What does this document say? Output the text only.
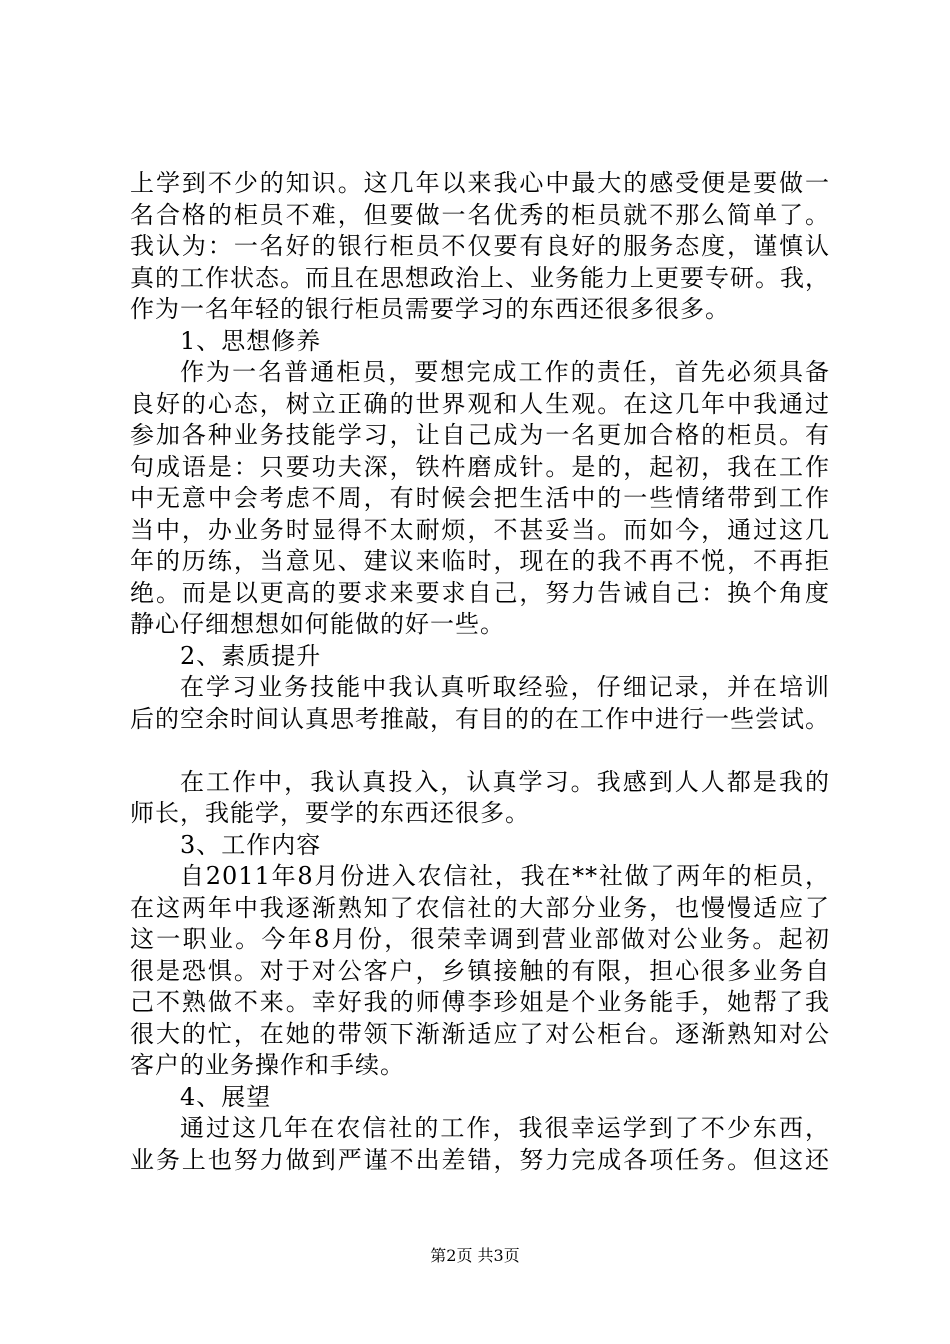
上学到不少的知识。这几年以来我心中最大的感受便是要做一
名合格的柜员不难，但要做一名优秀的柜员就不那么简单了。
我认为：一名好的银行柜员不仅要有良好的服务态度，谨慎认
真的工作状态。而且在思想政治上、业务能力上更要专研。我，
作为一名年轻的银行柜员需要学习的东西还很多很多。
1、思想修养
作为一名普通柜员，要想完成工作的责任，首先必须具备
良好的心态，树立正确的世界观和人生观。在这几年中我通过
参加各种业务技能学习，让自己成为一名更加合格的柜员。有
句成语是：只要功夫深，铁杵磨成针。是的，起初，我在工作
中无意中会考虑不周，有时候会把生活中的一些情绪带到工作
当中，办业务时显得不太耐烦，不甚妥当。而如今，通过这几
年的历练，当意见、建议来临时，现在的我不再不悦，不再拒
绝。而是以更高的要求来要求自己，努力告诫自己：换个角度
静心仔细想想如何能做的好一些。
2、素质提升
在学习业务技能中我认真听取经验，仔细记录，并在培训
后的空余时间认真思考推敲，有目的的在工作中进行一些尝试。
在工作中，我认真投入，认真学习。我感到人人都是我的
师长，我能学，要学的东西还很多。
3、工作内容
自2011年8月份进入农信社，我在**社做了两年的柜员，
在这两年中我逐渐熟知了农信社的大部分业务，也慢慢适应了
这一职业。今年8月份，很荣幸调到营业部做对公业务。起初
很是恐惧。对于对公客户，乡镇接触的有限，担心很多业务自
己不熟做不来。幸好我的师傅李珍姐是个业务能手，她帮了我
很大的忙，在她的带领下渐渐适应了对公柜台。逐渐熟知对公
客户的业务操作和手续。
4、展望
通过这几年在农信社的工作，我很幸运学到了不少东西，
业务上也努力做到严谨不出差错，努力完成各项任务。但这还
第2页 共3页
